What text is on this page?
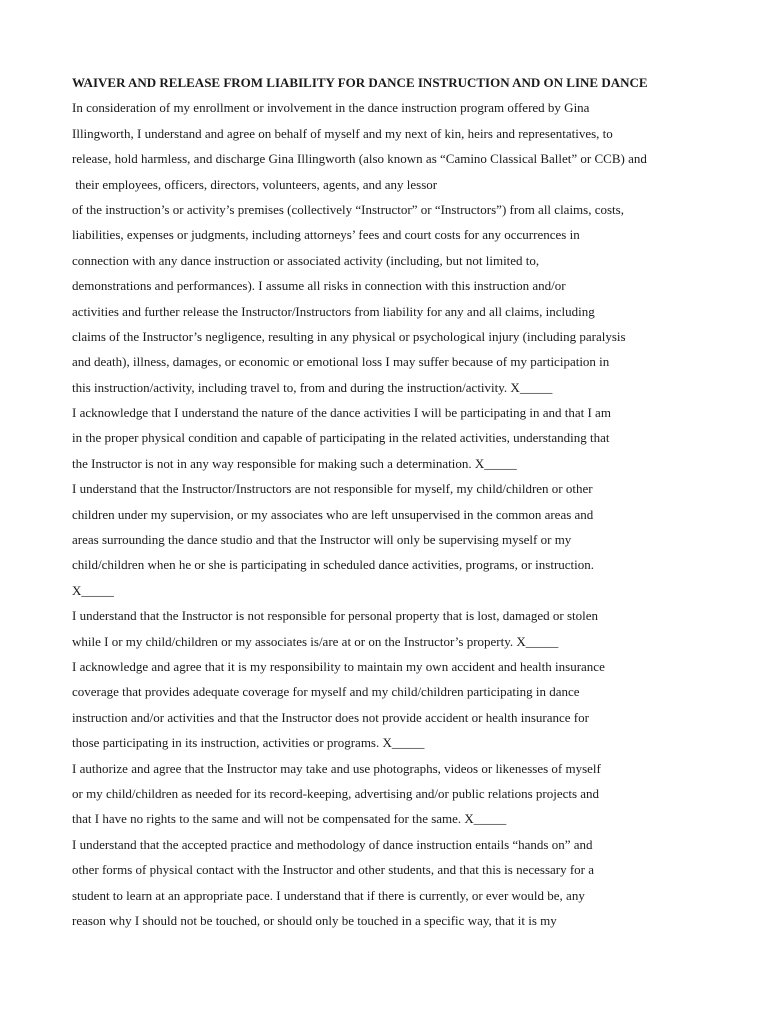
WAIVER AND RELEASE FROM LIABILITY FOR DANCE INSTRUCTION AND ON LINE DANCE
In consideration of my enrollment or involvement in the dance instruction program offered by Gina
Illingworth, I understand and agree on behalf of myself and my next of kin, heirs and representatives, to
release, hold harmless, and discharge Gina Illingworth (also known as “Camino Classical Ballet” or CCB) and
their employees, officers, directors, volunteers, agents, and any lessor
of the instruction’s or activity’s premises (collectively “Instructor” or “Instructors”) from all claims, costs,
liabilities, expenses or judgments, including attorneys’ fees and court costs for any occurrences in
connection with any dance instruction or associated activity (including, but not limited to,
demonstrations and performances). I assume all risks in connection with this instruction and/or
activities and further release the Instructor/Instructors from liability for any and all claims, including
claims of the Instructor’s negligence, resulting in any physical or psychological injury (including paralysis
and death), illness, damages, or economic or emotional loss I may suffer because of my participation in
this instruction/activity, including travel to, from and during the instruction/activity. X_____
I acknowledge that I understand the nature of the dance activities I will be participating in and that I am
in the proper physical condition and capable of participating in the related activities, understanding that
the Instructor is not in any way responsible for making such a determination. X_____
I understand that the Instructor/Instructors are not responsible for myself, my child/children or other
children under my supervision, or my associates who are left unsupervised in the common areas and
areas surrounding the dance studio and that the Instructor will only be supervising myself or my
child/children when he or she is participating in scheduled dance activities, programs, or instruction.
X_____
I understand that the Instructor is not responsible for personal property that is lost, damaged or stolen
while I or my child/children or my associates is/are at or on the Instructor’s property. X_____
I acknowledge and agree that it is my responsibility to maintain my own accident and health insurance
coverage that provides adequate coverage for myself and my child/children participating in dance
instruction and/or activities and that the Instructor does not provide accident or health insurance for
those participating in its instruction, activities or programs. X_____
I authorize and agree that the Instructor may take and use photographs, videos or likenesses of myself
or my child/children as needed for its record-keeping, advertising and/or public relations projects and
that I have no rights to the same and will not be compensated for the same. X_____
I understand that the accepted practice and methodology of dance instruction entails “hands on” and
other forms of physical contact with the Instructor and other students, and that this is necessary for a
student to learn at an appropriate pace. I understand that if there is currently, or ever would be, any
reason why I should not be touched, or should only be touched in a specific way, that it is my
